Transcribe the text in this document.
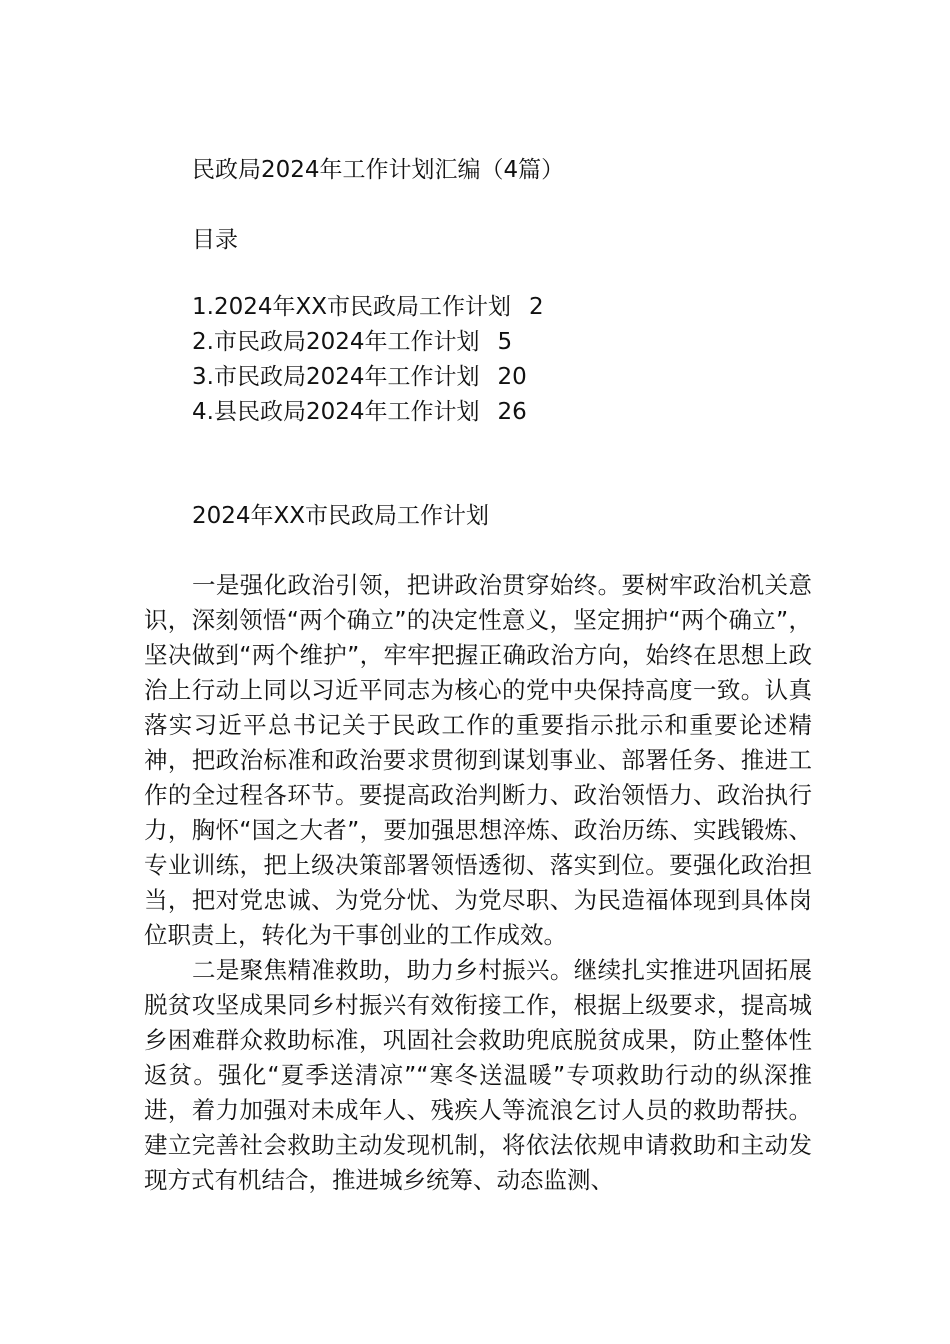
民政局2024年工作计划汇编（4篇）
目录
1.2024年XX市民政局工作计划 2
2.市民政局2024年工作计划 5
3.市民政局2024年工作计划 20
4.县民政局2024年工作计划 26
2024年XX市民政局工作计划

一是强化政治引领，把讲政治贯穿始终。要树牢政治机关意识，深刻领悟“两个确立”的决定性意义，坚定拥护“两个确立”，坚决做到“两个维护”，牢牢把握正确政治方向，始终在思想上政治上行动上同以习近平同志为核心的党中央保持高度一致。认真落实习近平总书记关于民政工作的重要指示批示和重要论述精神，把政治标准和政治要求贯彻到谋划事业、部署任务、推进工作的全过程各环节。要提高政治判断力、政治领悟力、政治执行力，胸怀“国之大者”，要加强思想淬炼、政治历练、实践锻炼、专业训练，把上级决策部署领悟透彻、落实到位。要强化政治担当，把对党忠诚、为党分忧、为党尽职、为民造福体现到具体岗位职责上，转化为干事创业的工作成效。

二是聚焦精准救助，助力乡村振兴。继续扎实推进巩固拓展脱贫攻坚成果同乡村振兴有效衔接工作，根据上级要求，提高城乡困难群众救助标准，巩固社会救助兜底脱贫成果，防止整体性返贫。强化“夏季送清凉”“寒冬送温暖”专项救助行动的纵深推进，着力加强对未成年人、残疾人等流浪乞讨人员的救助帮扶。建立完善社会救助主动发现机制，将依法依规申请救助和主动发现方式有机结合，推进城乡统筹、动态监测、
